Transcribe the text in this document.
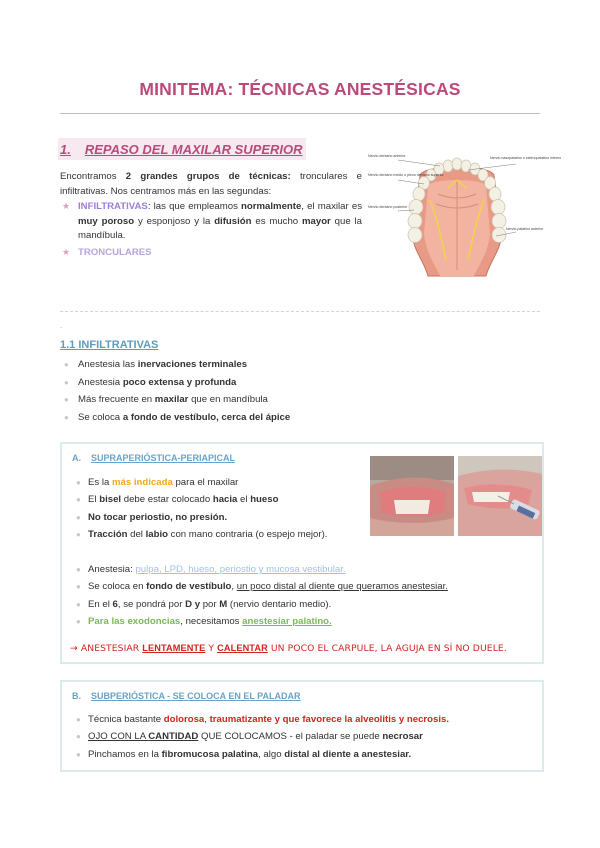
MINITEMA: TÉCNICAS ANESTÉSICAS
1. REPASO DEL MAXILAR SUPERIOR

Encontramos 2 grandes grupos de técnicas: tronculares e infiltrativas. Nos centramos más en las segundas:

★ INFILTRATIVAS: las que empleamos normalmente, el maxilar es muy poroso y esponjoso y la difusión es mucho mayor que la mandíbula.
★ TRONCULARES
Nervio dentario anterior
Nervio dentario medio o plexo dentario superior
Nervio dentario posterior
Nervio nasopalatino o esfenopalatino interno
Nervio palatino anterior
.
1.1 INFILTRATIVAS
● Anestesia las inervaciones terminales
● Anestesia poco extensa y profunda
● Más frecuente en maxilar que en mandíbula
● Se coloca a fondo de vestíbulo, cerca del ápice
A. SUPRAPERIÓSTICA-PERIAPICAL
● Es la más indicada para el maxilar
● El bisel debe estar colocado hacia el hueso
● No tocar periostio, no presión.
● Tracción del labio con mano contraria (o espejo mejor).
● Anestesia: pulpa, LPD, hueso, periostio y mucosa vestibular.
● Se coloca en fondo de vestíbulo, un poco distal al diente que queramos anestesiar.
● En el 6, se pondrá por D y por M (nervio dentario medio).
● Para las exodoncias, necesitamos anestesiar palatino.
→ ANESTESIAR LENTAMENTE Y CALENTAR UN POCO EL CARPULE, LA AGUJA EN SÍ NO DUELE.
B. SUBPERIÓSTICA - SE COLOCA EN EL PALADAR
● Técnica bastante dolorosa, traumatizante y que favorece la alveolitis y necrosis.
● OJO CON LA CANTIDAD QUE COLOCAMOS - el paladar se puede necrosar
● Pinchamos en la fibromucosa palatina, algo distal al diente a anestesiar.
